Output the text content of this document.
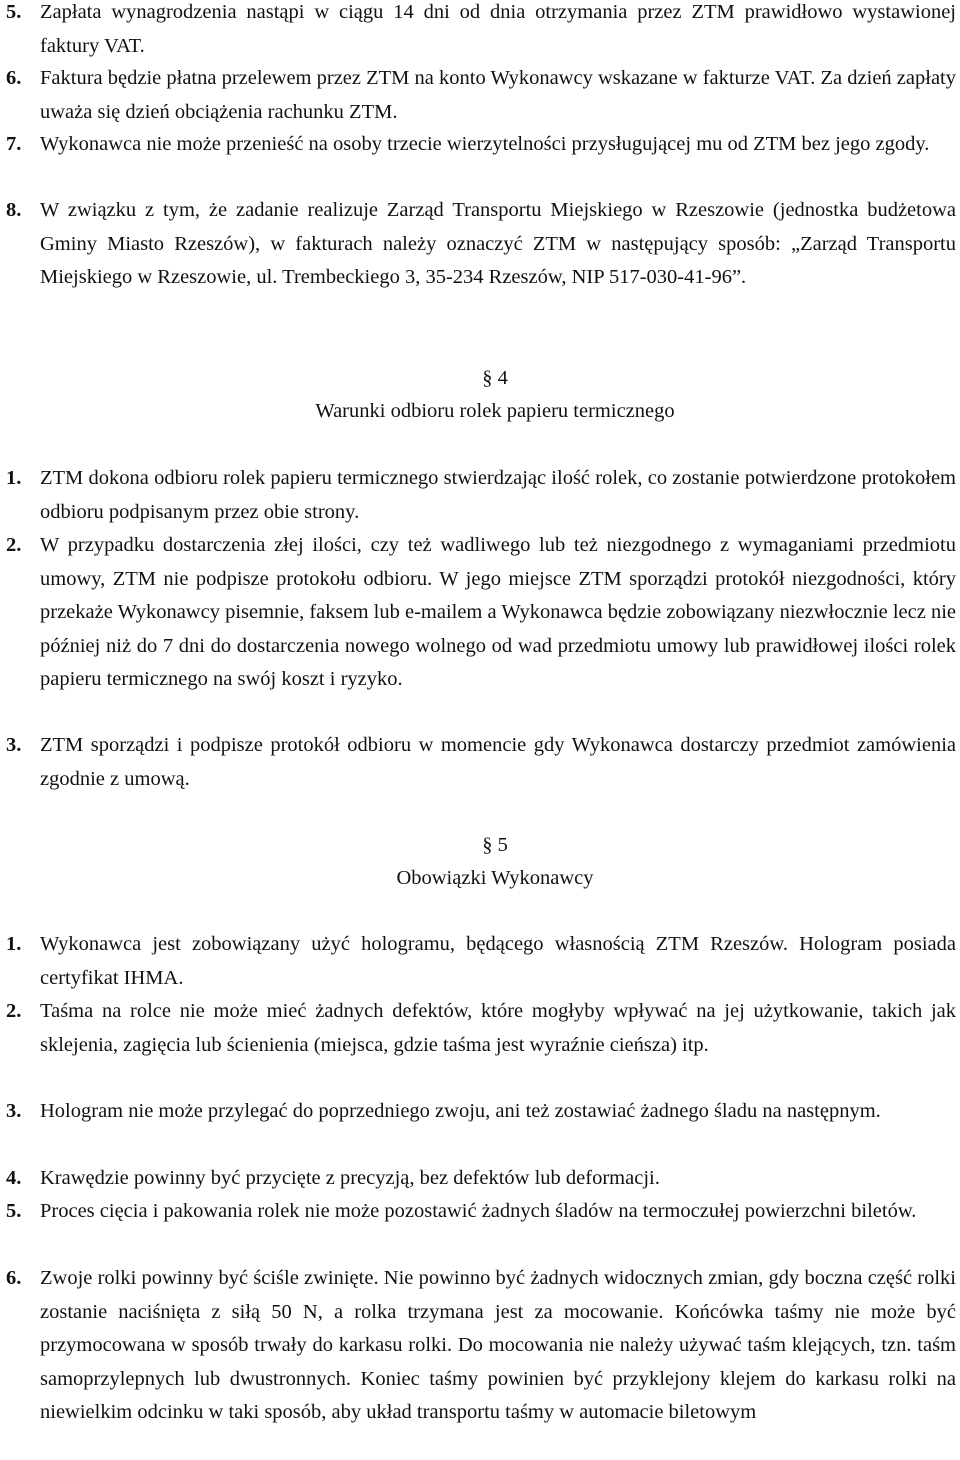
5. Zapłata wynagrodzenia nastąpi w ciągu 14 dni od dnia otrzymania przez ZTM prawidłowo wystawionej faktury VAT.
6. Faktura będzie płatna przelewem przez ZTM na konto Wykonawcy wskazane w fakturze VAT. Za dzień zapłaty uważa się dzień obciążenia rachunku ZTM.
7. Wykonawca nie może przenieść na osoby trzecie wierzytelności przysługującej mu od ZTM bez jego zgody.
8. W związku z tym, że zadanie realizuje Zarząd Transportu Miejskiego w Rzeszowie (jednostka budżetowa Gminy Miasto Rzeszów), w fakturach należy oznaczyć ZTM w następujący sposób: „Zarząd Transportu Miejskiego w Rzeszowie, ul. Trembeckiego 3, 35-234 Rzeszów, NIP 517-030-41-96”.
§ 4
Warunki odbioru rolek papieru termicznego
1. ZTM dokona odbioru rolek papieru termicznego stwierdzając ilość rolek, co zostanie potwierdzone protokołem odbioru podpisanym przez obie strony.
2. W przypadku dostarczenia złej ilości, czy też wadliwego lub też niezgodnego z wymaganiami przedmiotu umowy, ZTM nie podpisze protokołu odbioru. W jego miejsce ZTM sporządzi protokół niezgodności, który przekaże Wykonawcy pisemnie, faksem lub e-mailem a Wykonawca będzie zobowiązany niezwłocznie lecz nie później niż do 7 dni do dostarczenia nowego wolnego od wad przedmiotu umowy lub prawidłowej ilości rolek papieru termicznego na swój koszt i ryzyko.
3. ZTM sporządzi i podpisze protokół odbioru w momencie gdy Wykonawca dostarczy przedmiot zamówienia zgodnie z umową.
§ 5
Obowiązki Wykonawcy
1. Wykonawca jest zobowiązany użyć hologramu, będącego własnością ZTM Rzeszów. Hologram posiada certyfikat IHMA.
2. Taśma na rolce nie może mieć żadnych defektów, które mogłyby wpływać na jej użytkowanie, takich jak sklejenia, zagięcia lub ścienienia (miejsca, gdzie taśma jest wyraźnie cieńsza) itp.
3. Hologram nie może przylegać do poprzedniego zwoju, ani też zostawiać żadnego śladu na następnym.
4. Krawędzie powinny być przycięte z precyzją, bez defektów lub deformacji.
5. Proces cięcia i pakowania rolek nie może pozostawić żadnych śladów na termoczułej powierzchni biletów.
6. Zwoje rolki powinny być ściśle zwinięte. Nie powinno być żadnych widocznych zmian, gdy boczna część rolki zostanie naciśnięta z siłą 50 N, a rolka trzymana jest za mocowanie. Końcówka taśmy nie może być przymocowana w sposób trwały do karkasu rolki. Do mocowania nie należy używać taśm klejących, tzn. taśm samoprzylepnych lub dwustronnych. Koniec taśmy powinien być przyklejony klejem do karkasu rolki na niewielkim odcinku w taki sposób, aby układ transportu taśmy w automacie biletowym
